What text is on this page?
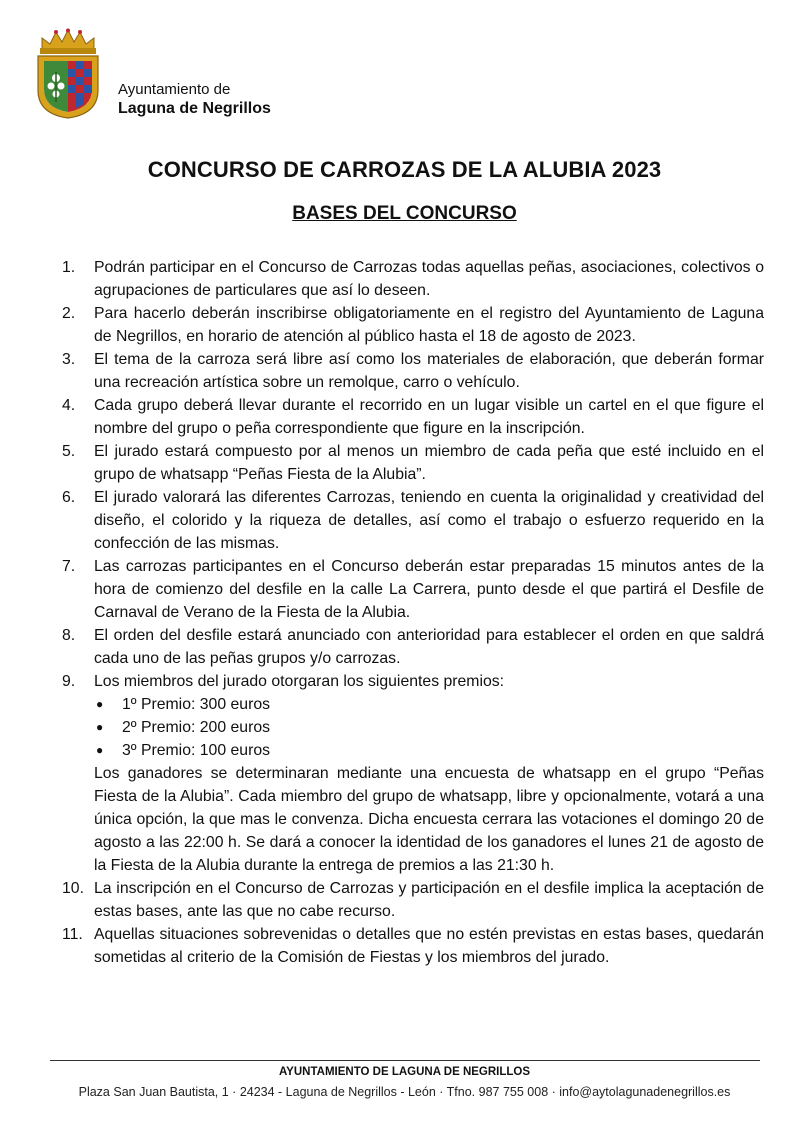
Ayuntamiento de
Laguna de Negrillos
CONCURSO DE CARROZAS DE LA ALUBIA 2023
BASES DEL CONCURSO
1. Podrán participar en el Concurso de Carrozas todas aquellas peñas, asociaciones, colectivos o agrupaciones de particulares que así lo deseen.
2. Para hacerlo deberán inscribirse obligatoriamente en el registro del Ayuntamiento de Laguna de Negrillos, en horario de atención al público hasta el 18 de agosto de 2023.
3. El tema de la carroza será libre así como los materiales de elaboración, que deberán formar una recreación artística sobre un remolque, carro o vehículo.
4. Cada grupo deberá llevar durante el recorrido en un lugar visible un cartel en el que figure el nombre del grupo o peña correspondiente que figure en la inscripción.
5. El jurado estará compuesto por al menos un miembro de cada peña que esté incluido en el grupo de whatsapp “Peñas Fiesta de la Alubia”.
6. El jurado valorará las diferentes Carrozas, teniendo en cuenta la originalidad y creatividad del diseño, el colorido y la riqueza de detalles, así como el trabajo o esfuerzo requerido en la confección de las mismas.
7. Las carrozas participantes en el Concurso deberán estar preparadas 15 minutos antes de la hora de comienzo del desfile en la calle La Carrera, punto desde el que partirá el Desfile de Carnaval de Verano de la Fiesta de la Alubia.
8. El orden del desfile estará anunciado con anterioridad para establecer el orden en que saldrá cada uno de las peñas grupos y/o carrozas.
9. Los miembros del jurado otorgaran los siguientes premios:
● 1º Premio: 300 euros
● 2º Premio: 200 euros
● 3º Premio: 100 euros
Los ganadores se determinaran mediante una encuesta de whatsapp en el grupo “Peñas Fiesta de la Alubia”. Cada miembro del grupo de whatsapp, libre y opcionalmente, votará a una única opción, la que mas le convenza. Dicha encuesta cerrara las votaciones el domingo 20 de agosto a las 22:00 h. Se dará a conocer la identidad de los ganadores el lunes 21 de agosto de la Fiesta de la Alubia durante la entrega de premios a las 21:30 h.
10. La inscripción en el Concurso de Carrozas y participación en el desfile implica la aceptación de estas bases, ante las que no cabe recurso.
11. Aquellas situaciones sobrevenidas o detalles que no estén previstas en estas bases, quedarán sometidas al criterio de la Comisión de Fiestas y los miembros del jurado.
AYUNTAMIENTO DE LAGUNA DE NEGRILLOS
Plaza San Juan Bautista, 1 · 24234 - Laguna de Negrillos - León · Tfno. 987 755 008 · info@aytolagunadenegrillos.es
